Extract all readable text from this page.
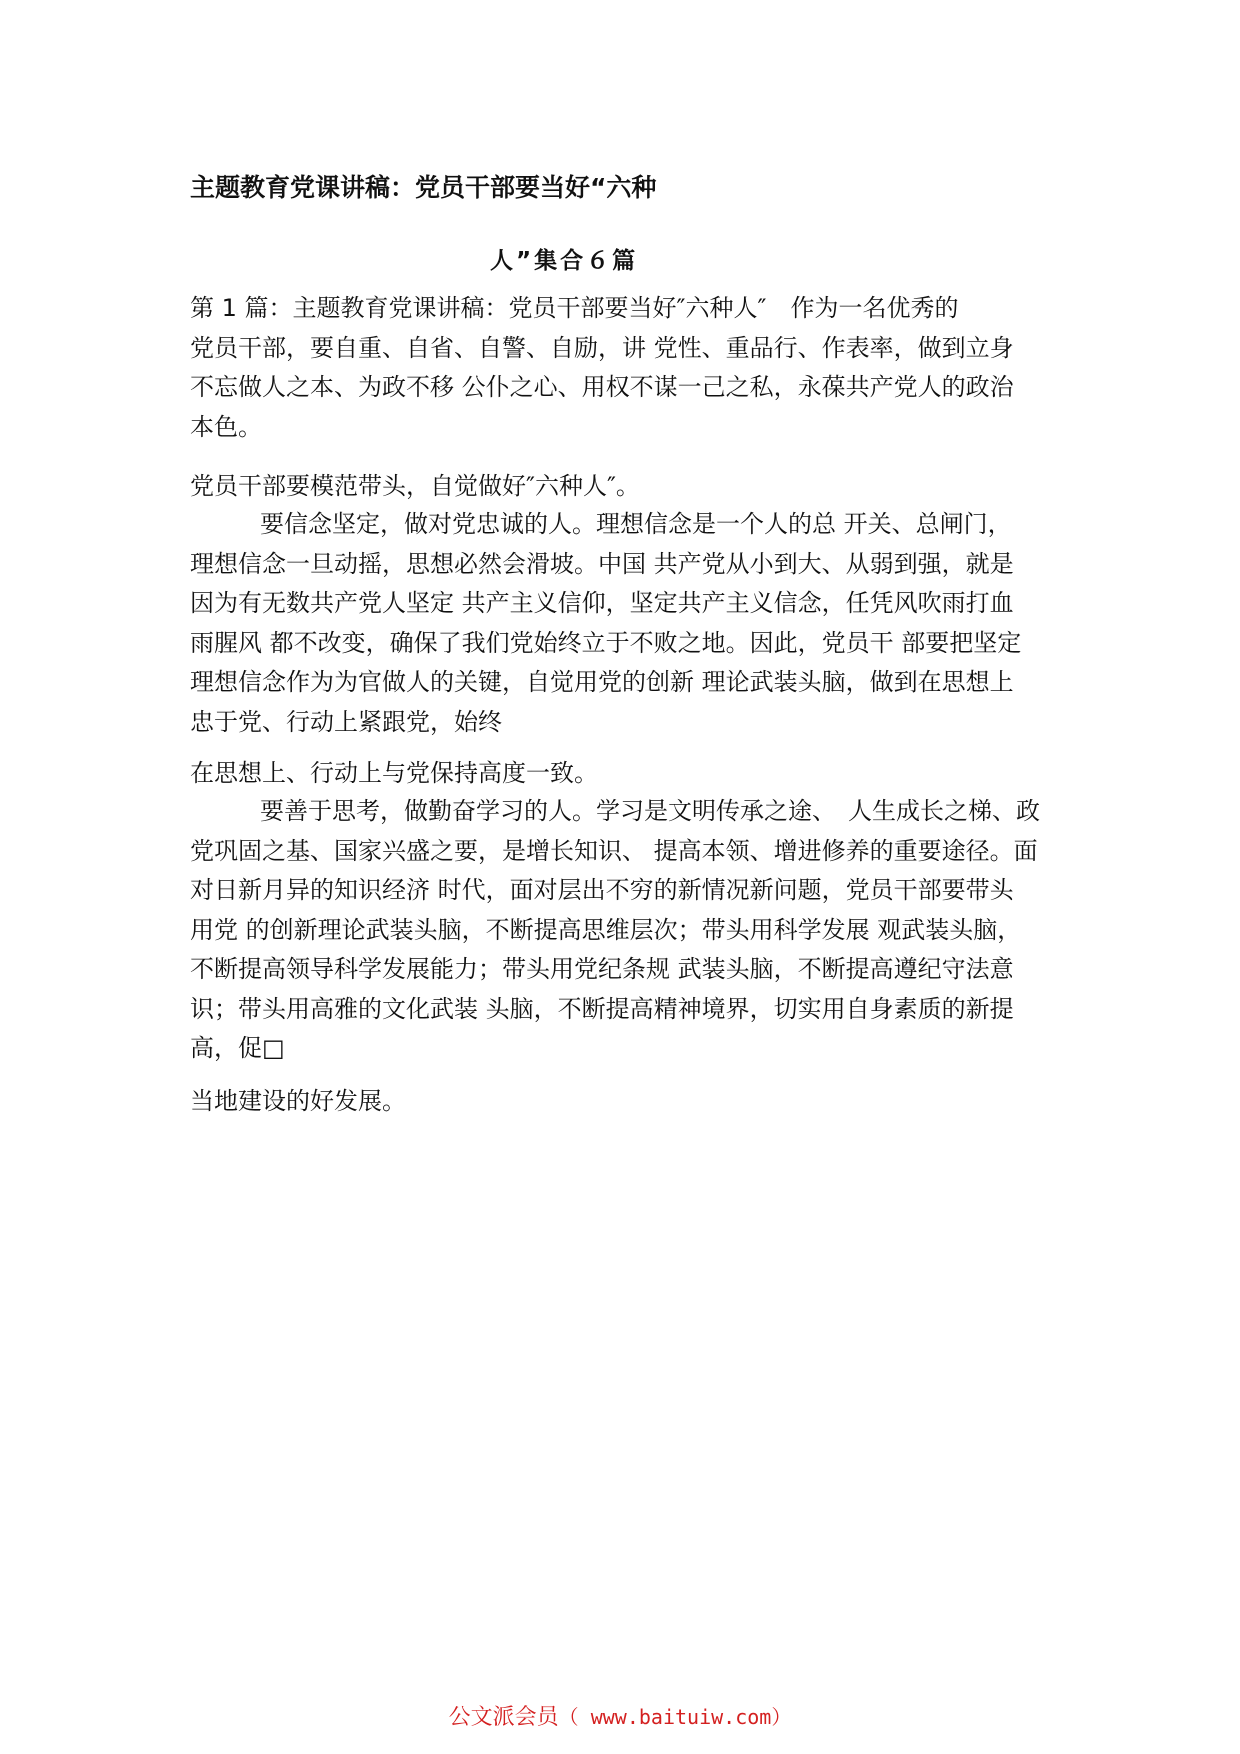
主题教育党课讲稿：党员干部要当好“六种
人”集合６篇
第 1 篇：主题教育党课讲稿：党员干部要当好″六种人″　作为一名优秀的
党员干部，要自重、自省、自警、自励，讲 党性、重品行、作表率，做到立身
不忘做人之本、为政不移 公仆之心、用权不谋一己之私，永葆共产党人的政治
本色。
党员干部要模范带头，自觉做好″六种人″。
要信念坚定，做对党忠诚的人。理想信念是一个人的总 开关、总闸门，
理想信念一旦动摇，思想必然会滑坡。中国 共产党从小到大、从弱到强，就是
因为有无数共产党人坚定 共产主义信仰，坚定共产主义信念，任凭风吹雨打血
雨腥风 都不改变，确保了我们党始终立于不败之地。因此，党员干 部要把坚定
理想信念作为为官做人的关键，自觉用党的创新 理论武装头脑，做到在思想上
忠于党、行动上紧跟党，始终
在思想上、行动上与党保持高度一致。
要善于思考，做勤奋学习的人。学习是文明传承之途、　人生成长之梯、政
党巩固之基、国家兴盛之要，是增长知识、 提高本领、增进修养的重要途径。面
对日新月异的知识经济 时代，面对层出不穷的新情况新问题，党员干部要带头
用党 的创新理论武装头脑，不断提高思维层次；带头用科学发展 观武装头脑，
不断提高领导科学发展能力；带头用党纪条规 武装头脑，不断提高遵纪守法意
识；带头用高雅的文化武装 头脑，不断提高精神境界，切实用自身素质的新提
高，促□
当地建设的好发展。
公文派会员（ www.baituiw.com）
